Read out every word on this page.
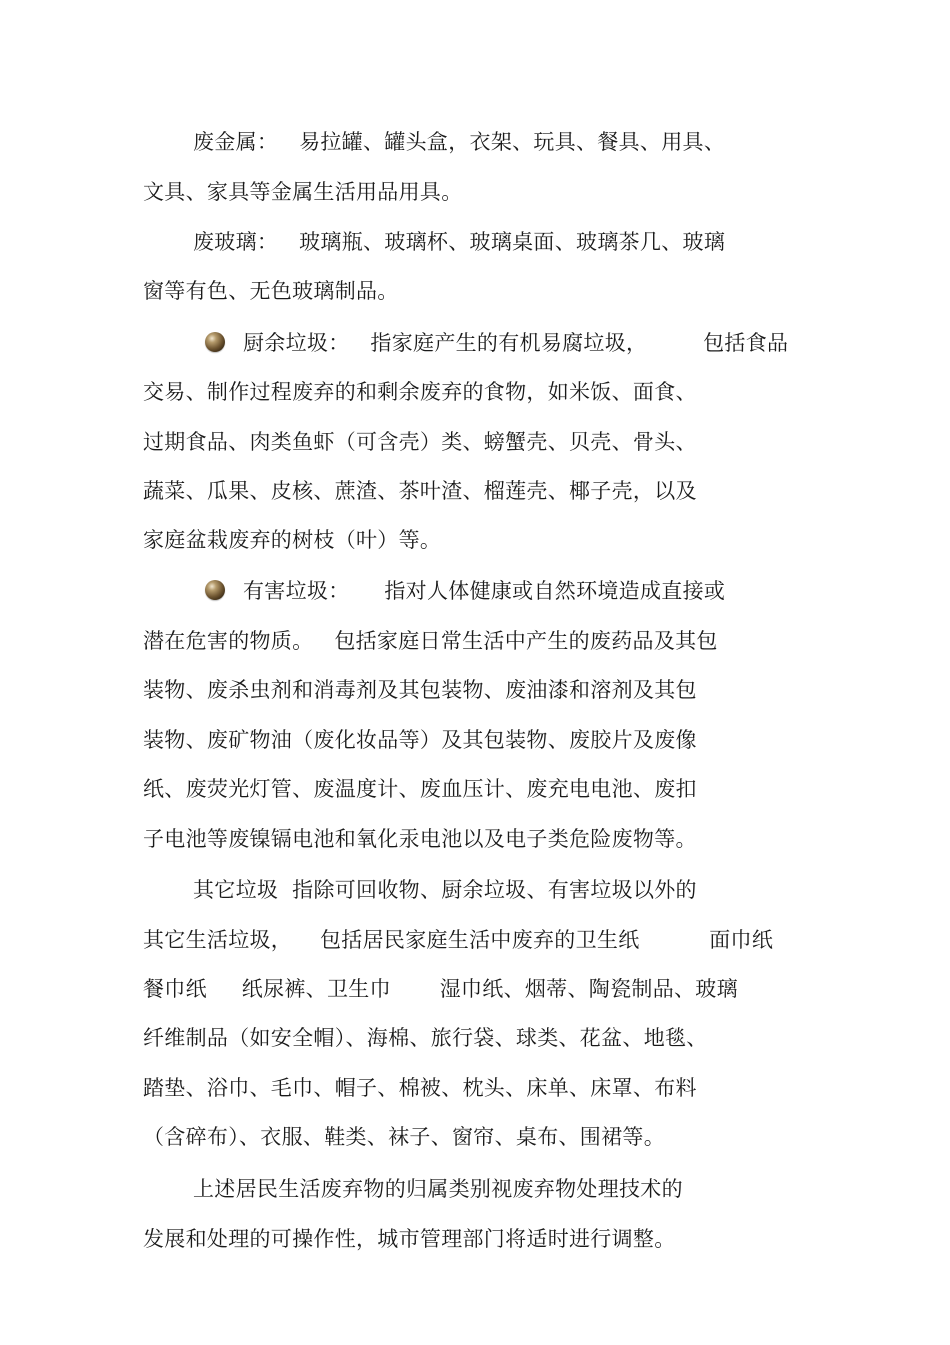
废金属：   易拉罐、罐头盒，衣架、玩具、餐具、用具、
文具、家具等金属生活用品用具。
废玻璃：   玻璃瓶、玻璃杯、玻璃桌面、玻璃茶几、玻璃
窗等有色、无色玻璃制品。
厨余垃圾：   指家庭产生的有机易腐垃圾，        包括食品
交易、制作过程废弃的和剩余废弃的食物，如米饭、面食、
过期食品、肉类鱼虾（可含壳）类、螃蟹壳、贝壳、骨头、
蔬菜、瓜果、皮核、蔗渣、茶叶渣、榴莲壳、椰子壳，以及
家庭盆栽废弃的树枝（叶）等。
有害垃圾：     指对人体健康或自然环境造成直接或
潜在危害的物质。   包括家庭日常生活中产生的废药品及其包
装物、废杀虫剂和消毒剂及其包装物、废油漆和溶剂及其包
装物、废矿物油（废化妆品等）及其包装物、废胶片及废像
纸、废荧光灯管、废温度计、废血压计、废充电电池、废扣
子电池等废镍镉电池和氧化汞电池以及电子类危险废物等。
其它垃圾  指除可回收物、厨余垃圾、有害垃圾以外的
其它生活垃圾，    包括居民家庭生活中废弃的卫生纸          面巾纸
餐巾纸     纸尿裤、卫生巾       湿巾纸、烟蒂、陶瓷制品、玻璃
纤维制品（如安全帽）、海棉、旅行袋、球类、花盆、地毯、
踏垫、浴巾、毛巾、帽子、棉被、枕头、床单、床罩、布料
（含碎布）、衣服、鞋类、袜子、窗帘、桌布、围裙等。
上述居民生活废弃物的归属类别视废弃物处理技术的
发展和处理的可操作性，城市管理部门将适时进行调整。
